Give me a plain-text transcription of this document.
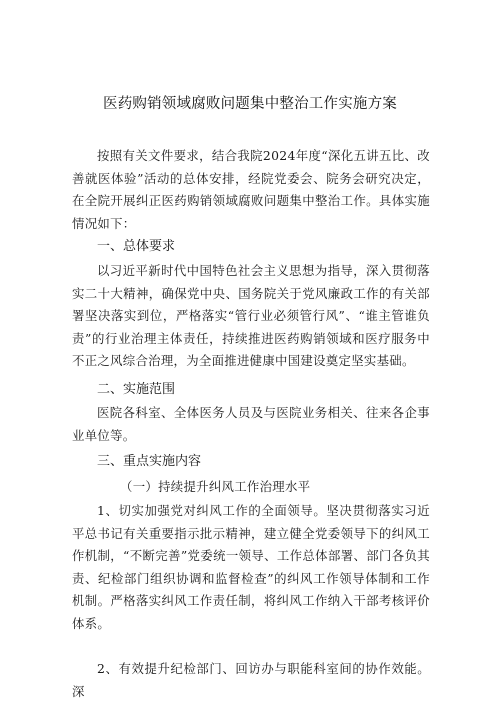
医药购销领域腐败问题集中整治工作实施方案

按照有关文件要求，结合我院2024年度“深化五讲五比、改善就医体验”活动的总体安排，经院党委会、院务会研究决定，在全院开展纠正医药购销领域腐败问题集中整治工作。具体实施情况如下：

一、总体要求

以习近平新时代中国特色社会主义思想为指导，深入贯彻落实二十大精神，确保党中央、国务院关于党风廉政工作的有关部署坚决落实到位，严格落实“管行业必须管行风”、“谁主管谁负责”的行业治理主体责任，持续推进医药购销领域和医疗服务中不正之风综合治理，为全面推进健康中国建设奠定坚实基础。

二、实施范围

医院各科室、全体医务人员及与医院业务相关、往来各企事业单位等。

三、重点实施内容
（一）持续提升纠风工作治理水平

1、切实加强党对纠风工作的全面领导。坚决贯彻落实习近平总书记有关重要指示批示精神，建立健全党委领导下的纠风工作机制，“不断完善”党委统一领导、工作总体部署、部门各负其责、纪检部门组织协调和监督检查”的纠风工作领导体制和工作机制。严格落实纠风工作责任制，将纠风工作纳入干部考核评价体系。

2、有效提升纪检部门、回访办与职能科室间的协作效能。深
